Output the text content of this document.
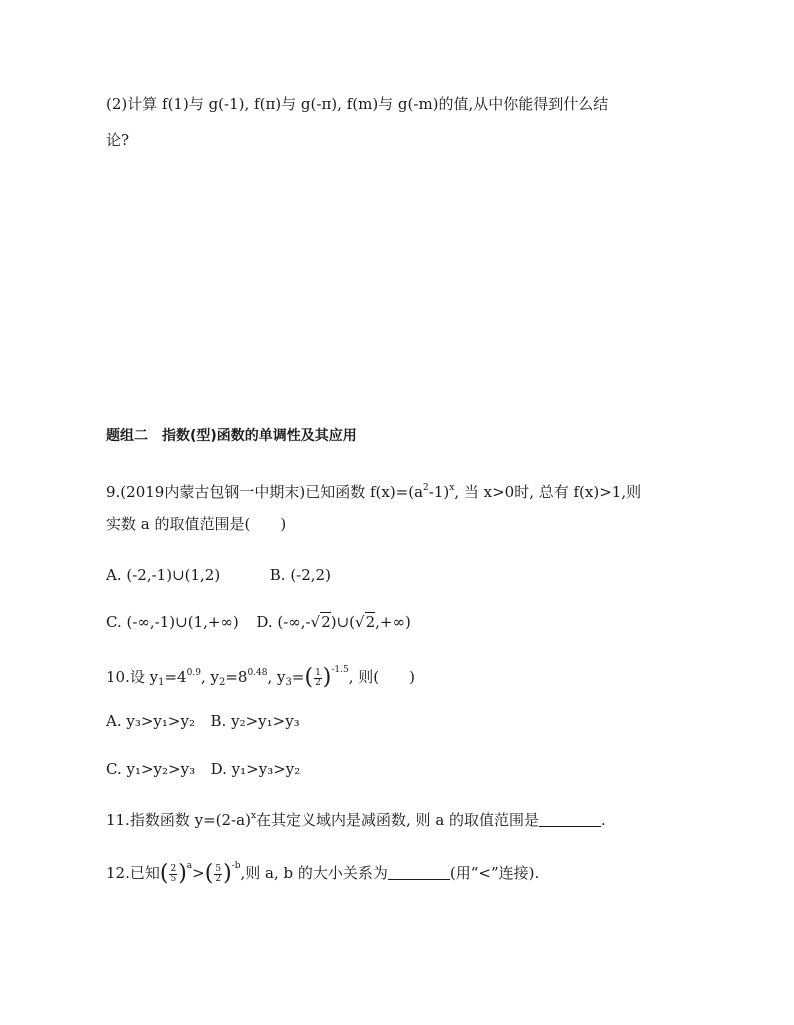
(2)计算 f(1)与 g(-1), f(π)与 g(-π), f(m)与 g(-m)的值,从中你能得到什么结
论?
题组二　指数(型)函数的单调性及其应用
9.(2019内蒙古包钢一中期末)已知函数 $f(x)=(a^2-1)^x$, 当 x>0时, 总有 f(x)>1,则
实数 a 的取值范围是(　　)
A. (-2,-1)∪(1,2)	B. (-2,2)
C. (-∞,-1)∪(1,+∞) D. (-∞,-√2)∪(√2,+∞)
10.设 $y_1=4^{0.9}$, $y_2=8^{0.48}$, $y_3=( \frac{1}{2} )^{-1.5}$, 则(　　)
A. y₃>y₁>y₂ B. y₂>y₁>y₃
C. y₁>y₂>y₃ D. y₁>y₃>y₂
11.指数函数 $y=(2-a)^x$在其定义域内是减函数, 则 a 的取值范围是	.
12.已知( $\frac{2}{5} )^a>( \frac{5}{2} )^{-b}$,则 a, b 的大小关系为	(用“<”连接).
